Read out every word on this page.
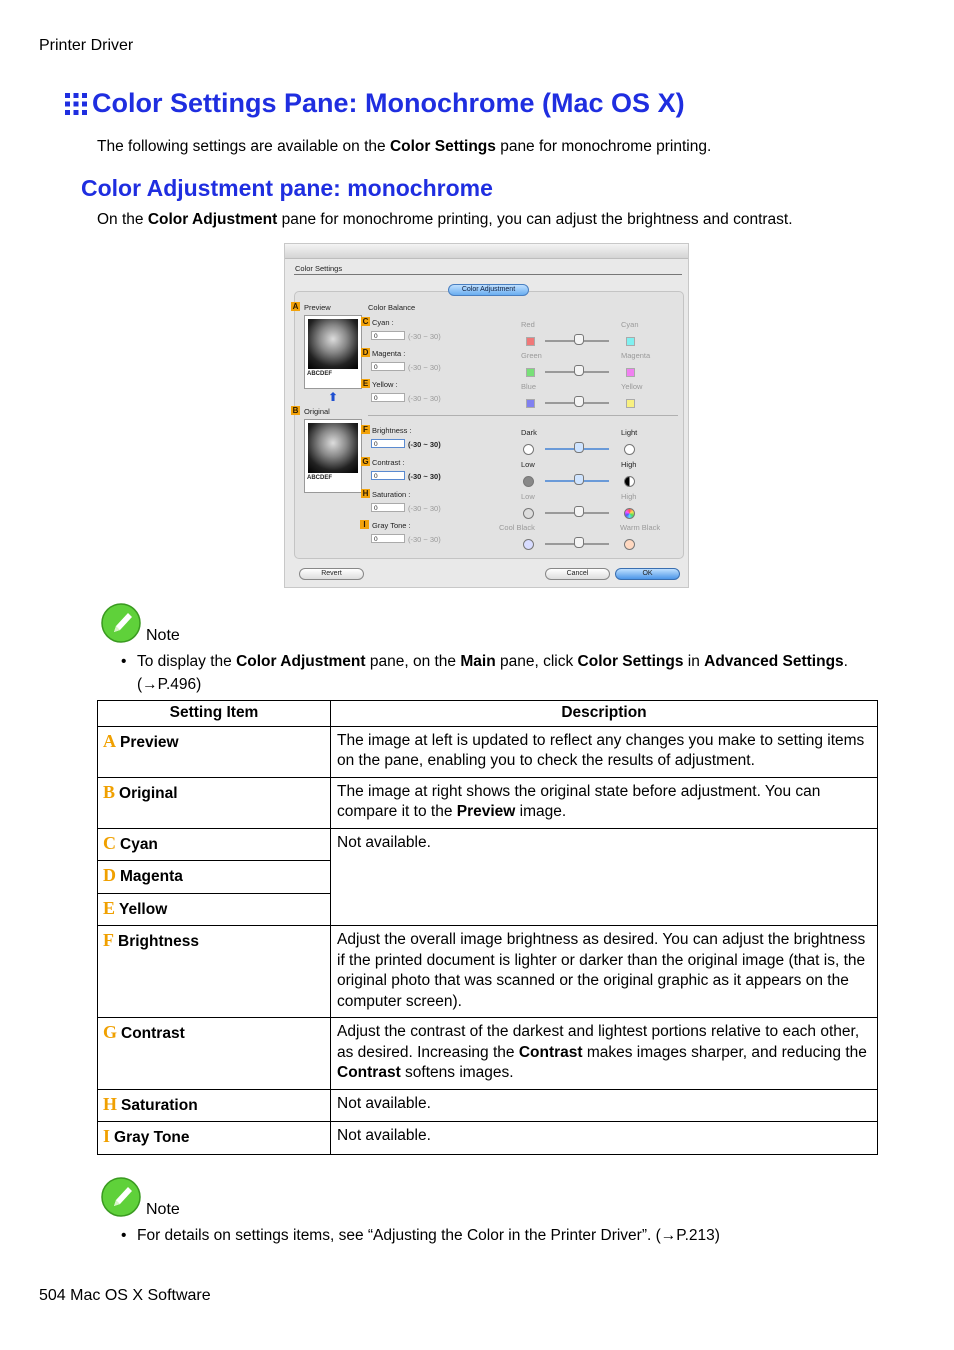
Printer Driver
Color Settings Pane: Monochrome (Mac OS X)
The following settings are available on the Color Settings pane for monochrome printing.
Color Adjustment pane: monochrome
On the Color Adjustment pane for monochrome printing, you can adjust the brightness and contrast.
Color Settings
Color Adjustment
A Preview
ABCDEF
⬆
B Original
ABCDEF
Color Balance
C Cyan :
0	(-30 ~ 30)
Red	Cyan
D Magenta :
0	(-30 ~ 30)
Green	Magenta
E Yellow :
0	(-30 ~ 30)
Blue	Yellow
F Brightness :
0	(-30 ~ 30)
Dark	Light
G Contrast :
0	(-30 ~ 30)
Low	High
H Saturation :
0	(-30 ~ 30)
Low	High
I Gray Tone :
0	(-30 ~ 30)
Cool Black	Warm Black
Revert	Cancel	OK
Note
• To display the Color Adjustment pane, on the Main pane, click Color Settings in Advanced Settings.
(→P.496)
Setting Item	Description
A Preview	The image at left is updated to reflect any changes you make to setting items on the pane, enabling you to check the results of adjustment.
B Original	The image at right shows the original state before adjustment. You can compare it to the Preview image.
C Cyan	Not available.
D Magenta	
E Yellow	
F Brightness	Adjust the overall image brightness as desired. You can adjust the brightness if the printed document is lighter or darker than the original image (that is, the original photo that was scanned or the original graphic as it appears on the computer screen).
G Contrast	Adjust the contrast of the darkest and lightest portions relative to each other, as desired. Increasing the Contrast makes images sharper, and reducing the Contrast softens images.
H Saturation	Not available.
I Gray Tone	Not available.
Note
• For details on settings items, see “Adjusting the Color in the Printer Driver”. (→P.213)
504 Mac OS X Software
